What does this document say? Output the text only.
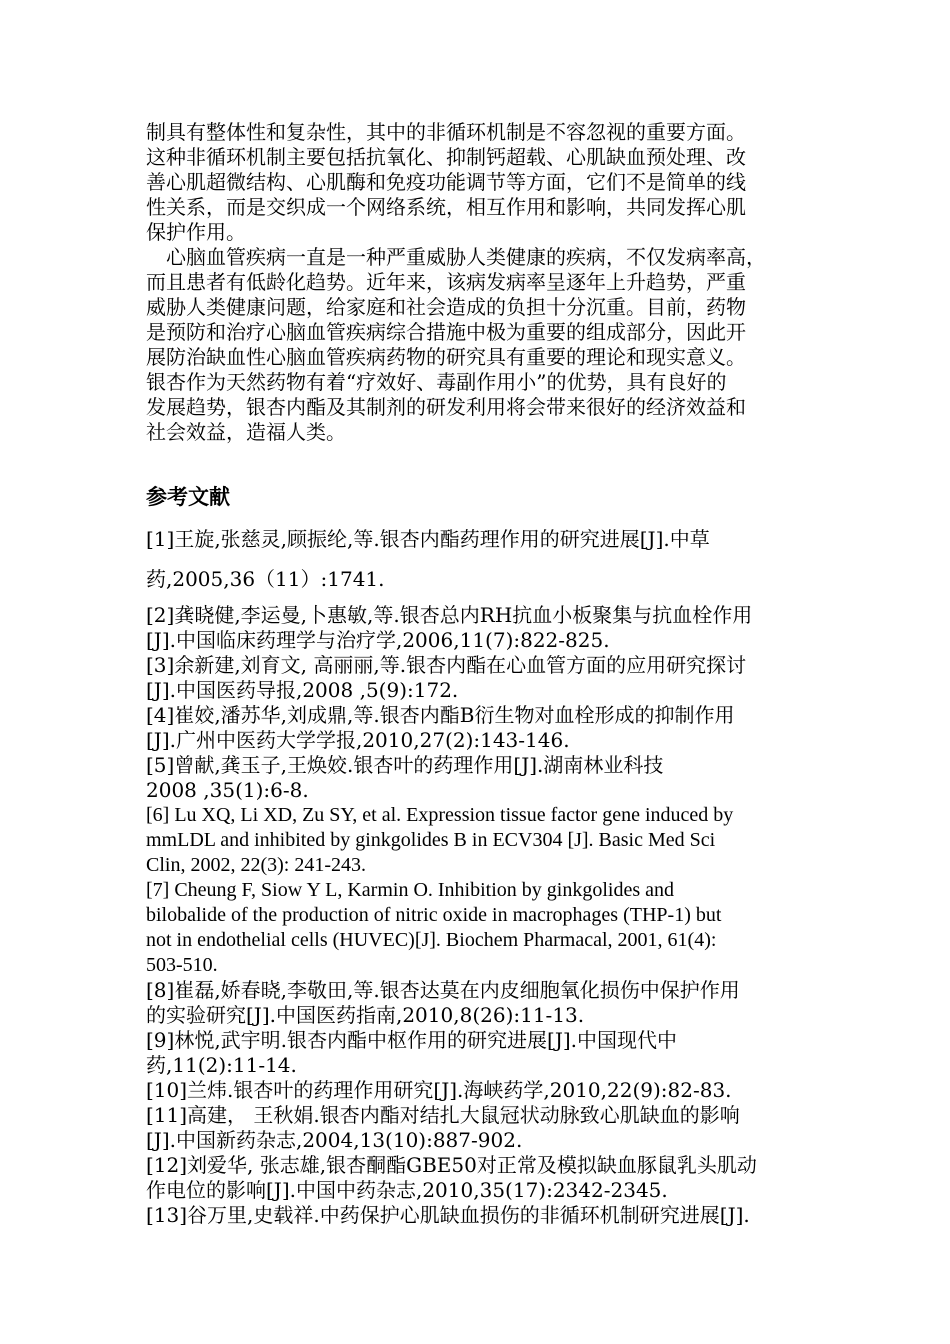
制具有整体性和复杂性，其中的非循环机制是不容忽视的重要方面。
这种非循环机制主要包括抗氧化、抑制钙超载、心肌缺血预处理、改
善心肌超微结构、心肌酶和免疫功能调节等方面，它们不是简单的线
性关系，而是交织成一个网络系统，相互作用和影响，共同发挥心肌
保护作用。
心脑血管疾病一直是一种严重威胁人类健康的疾病，不仅发病率高，
而且患者有低龄化趋势。近年来，该病发病率呈逐年上升趋势，严重
威胁人类健康问题，给家庭和社会造成的负担十分沉重。目前，药物
是预防和治疗心脑血管疾病综合措施中极为重要的组成部分，因此开
展防治缺血性心脑血管疾病药物的研究具有重要的理论和现实意义。
银杏作为天然药物有着“疗效好、毒副作用小”的优势，具有良好的
发展趋势，银杏内酯及其制剂的研发利用将会带来很好的经济效益和
社会效益，造福人类。
参考文献
[1]王旋,张慈灵,顾振纶,等.银杏内酯药理作用的研究进展[J].中草
药,2005,36（11）:1741.
[2]龚晓健,李运曼,卜惠敏,等.银杏总内RH抗血小板聚集与抗血栓作用
[J].中国临床药理学与治疗学,2006,11(7):822-825.
[3]余新建,刘育文, 高丽丽,等.银杏内酯在心血管方面的应用研究探讨
[J].中国医药导报,2008 ,5(9):172.
[4]崔姣,潘苏华,刘成鼎,等.银杏内酯B衍生物对血栓形成的抑制作用
[J].广州中医药大学学报,2010,27(2):143-146.
[5]曾献,龚玉子,王焕姣.银杏叶的药理作用[J].湖南林业科技
2008 ,35(1):6-8.
[6] Lu XQ, Li XD, Zu SY, et al. Expression tissue factor gene induced by
mmLDL and inhibited by ginkgolides B in ECV304 [J]. Basic Med Sci
Clin, 2002, 22(3): 241-243.
[7] Cheung F, Siow Y L, Karmin O. Inhibition by ginkgolides and
bilobalide of the production of nitric oxide in macrophages (THP-1) but
not in endothelial cells (HUVEC)[J]. Biochem Pharmacal, 2001, 61(4):
503-510.
[8]崔磊,娇春晓,李敬田,等.银杏达莫在内皮细胞氧化损伤中保护作用
的实验研究[J].中国医药指南,2010,8(26):11-13.
[9]林悦,武宇明.银杏内酯中枢作用的研究进展[J].中国现代中
药,11(2):11-14.
[10]兰炜.银杏叶的药理作用研究[J].海峡药学,2010,22(9):82-83.
[11]高建， 王秋娟.银杏内酯对结扎大鼠冠状动脉致心肌缺血的影响
[J].中国新药杂志,2004,13(10):887-902.
[12]刘爱华, 张志雄,银杏酮酯GBE50对正常及模拟缺血豚鼠乳头肌动
作电位的影响[J].中国中药杂志,2010,35(17):2342-2345.
[13]谷万里,史载祥.中药保护心肌缺血损伤的非循环机制研究进展[J].
